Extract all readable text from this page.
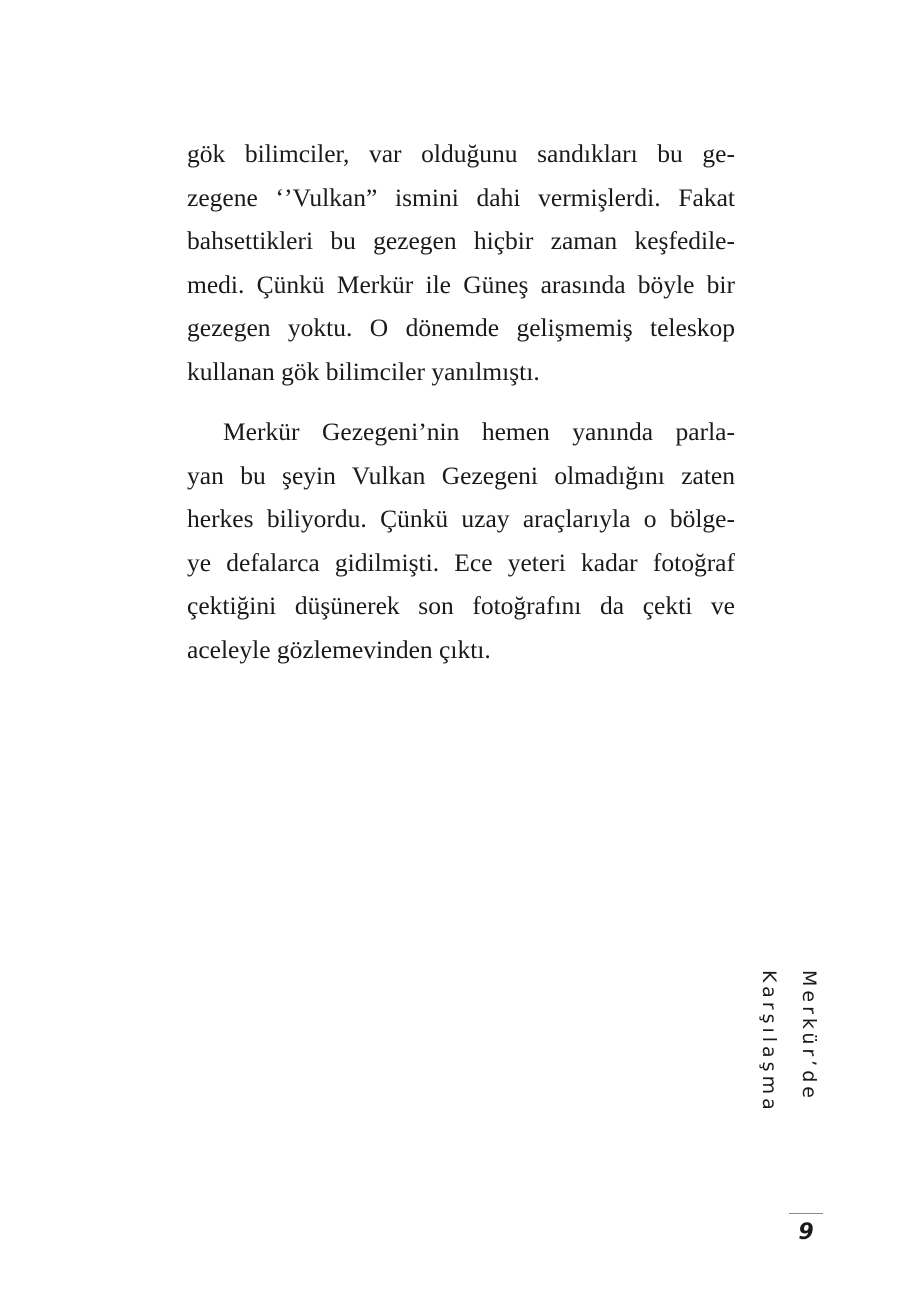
gök bilimciler, var olduğunu sandıkları bu ge-
zegene ‘’Vulkan” ismini dahi vermişlerdi. Fakat
bahsettikleri bu gezegen hiçbir zaman keşfedile-
medi. Çünkü Merkür ile Güneş arasında böyle bir
gezegen yoktu. O dönemde gelişmemiş teleskop
kullanan gök bilimciler yanılmıştı.
Merkür Gezegeni’nin hemen yanında parla-
yan bu şeyin Vulkan Gezegeni olmadığını zaten
herkes biliyordu. Çünkü uzay araçlarıyla o bölge-
ye defalarca gidilmişti. Ece yeteri kadar fotoğraf
çektiğini düşünerek son fotoğrafını da çekti ve
aceleyle gözlemevinden çıktı.
Merkür’de Karşılaşma
9
